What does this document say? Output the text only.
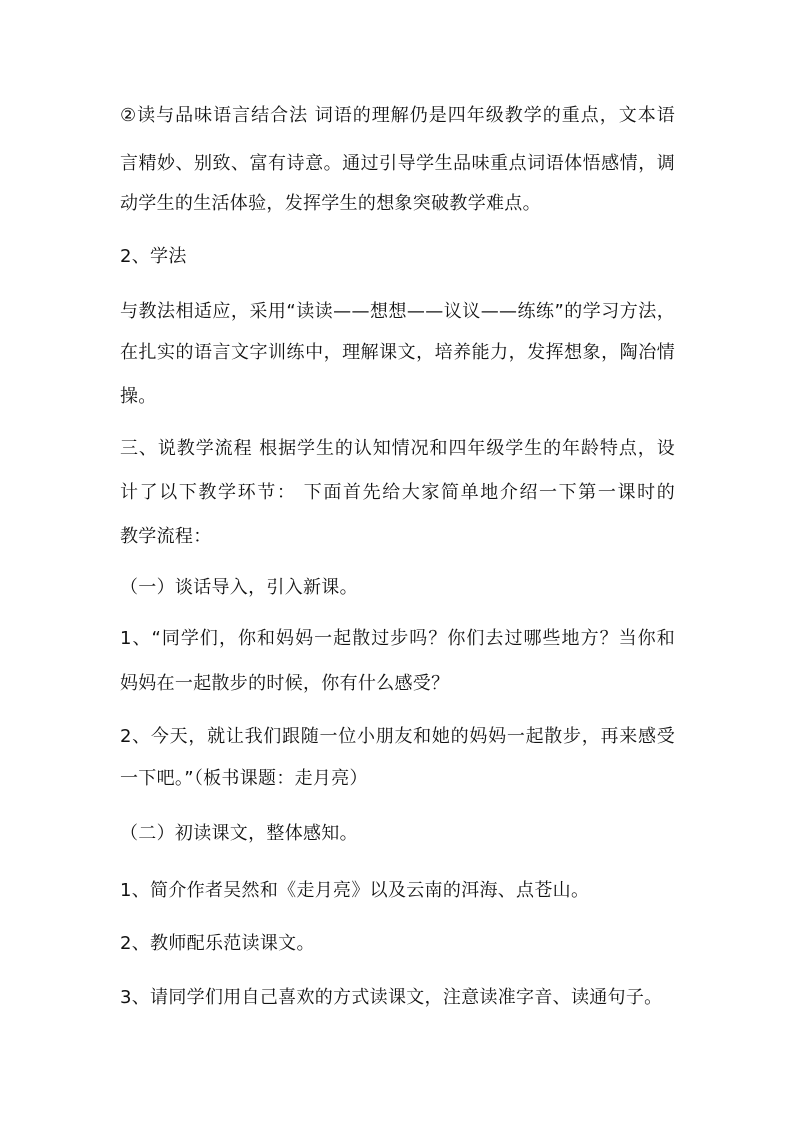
②读与品味语言结合法 词语的理解仍是四年级教学的重点，文本语
言精妙、别致、富有诗意。通过引导学生品味重点词语体悟感情，调
动学生的生活体验，发挥学生的想象突破教学难点。
2、学法
与教法相适应，采用“读读——想想——议议——练练”的学习方法，
在扎实的语言文字训练中，理解课文，培养能力，发挥想象，陶冶情
操。
三、说教学流程 根据学生的认知情况和四年级学生的年龄特点，设
计了以下教学环节： 下面首先给大家简单地介绍一下第一课时的
教学流程：
（一）谈话导入，引入新课。
1、“同学们，你和妈妈一起散过步吗？你们去过哪些地方？当你和
妈妈在一起散步的时候，你有什么感受？
2、今天，就让我们跟随一位小朋友和她的妈妈一起散步，再来感受
一下吧。”（板书课题：走月亮）
（二）初读课文，整体感知。
1、简介作者吴然和《走月亮》以及云南的洱海、点苍山。
2、教师配乐范读课文。
3、请同学们用自己喜欢的方式读课文，注意读准字音、读通句子。
